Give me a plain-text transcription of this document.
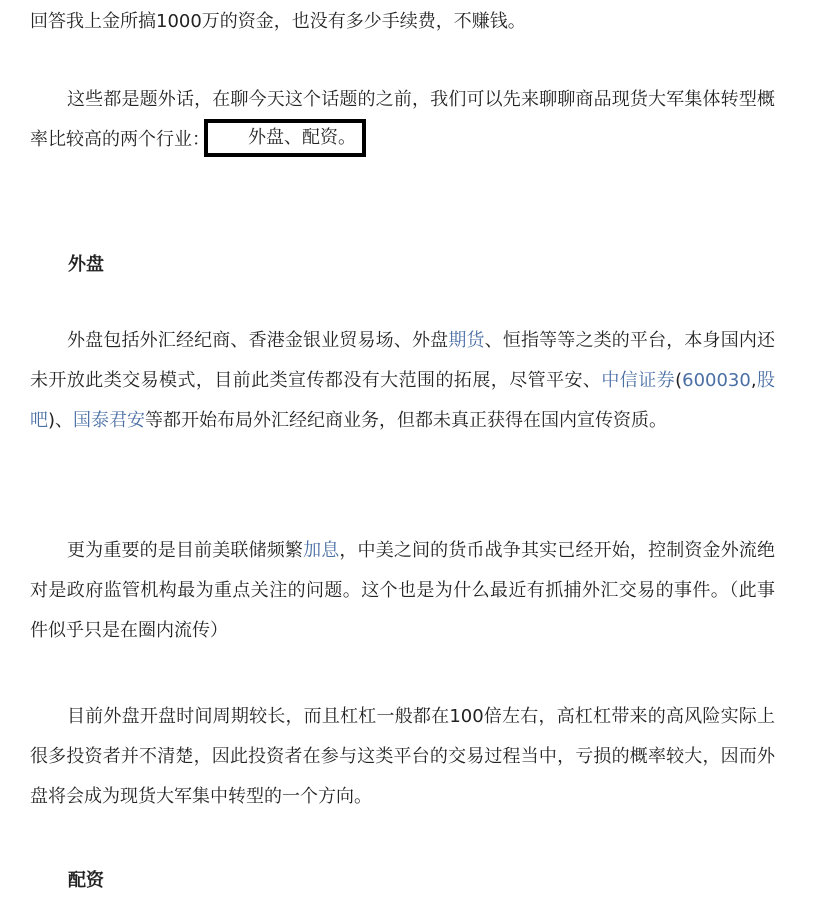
回答我上金所搞1000万的资金，也没有多少手续费，不赚钱。

这些都是题外话，在聊今天这个话题的之前，我们可以先来聊聊商品现货大军集体转型概率比较高的两个行业： 外盘、配资。

外盘

外盘包括外汇经纪商、香港金银业贸易场、外盘期货、恒指等等之类的平台，本身国内还未开放此类交易模式，目前此类宣传都没有大范围的拓展，尽管平安、中信证券(600030,股吧)、国泰君安等都开始布局外汇经纪商业务，但都未真正获得在国内宣传资质。

更为重要的是目前美联储频繁加息，中美之间的货币战争其实已经开始，控制资金外流绝对是政府监管机构最为重点关注的问题。这个也是为什么最近有抓捕外汇交易的事件。（此事件似乎只是在圈内流传）

目前外盘开盘时间周期较长，而且杠杠一般都在100倍左右，高杠杠带来的高风险实际上很多投资者并不清楚，因此投资者在参与这类平台的交易过程当中，亏损的概率较大，因而外盘将会成为现货大军集中转型的一个方向。

配资
